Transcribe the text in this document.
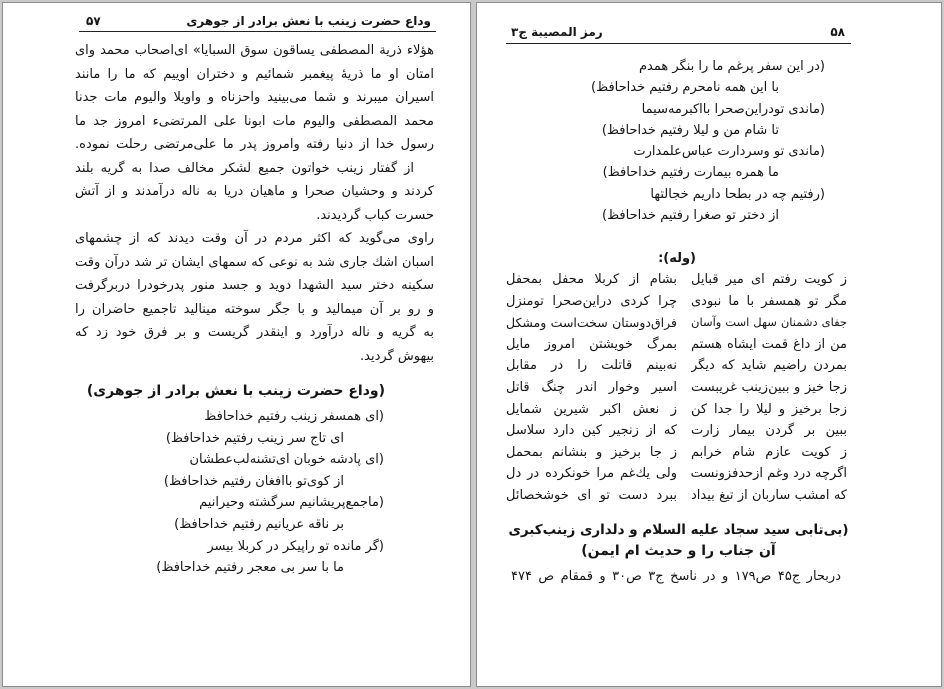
وداع حضرت زینب با نعش برادر از جوهری
۵۷
هؤلاء ذریة المصطفی یساقون سوق السبایا» ای‌اصحاب محمد وای
امتان او ما ذریهٔ پیغمبر شمائیم و دختران اوییم که ما را مانند
اسیران میبرند و شما می‌بینید واحزناه و واویلا والیوم مات جدنا
محمد المصطفی والیوم مات ابونا علی المرتضیء امروز جد ما
رسول خدا از دنیا رفته وامروز پدر ما علی‌مرتضی رحلت نموده.
از گفتار زینب خواتون جمیع لشکر مخالف صدا به گریه بلند
کردند و وحشیان صحرا و ماهیان دریا به ناله درآمدند و از آتش
حسرت کباب گردیدند.
راوی می‌گوید که اکثر مردم در آن وقت دیدند که از چشمهای
اسبان اشك جاری شد به نوعی که سمهای ایشان تر شد درآن وقت
سکینه دختر سید الشهدا دوید و جسد منور پدرخودرا دربرگرفت
و رو بر آن میمالید و با جگر سوخته مینالید تاجمیع حاضران را
به گریه و ناله درآورد و اینقدر گریست و بر فرق خود زد که
بیهوش گردید.
(وداع حضرت زینب با نعش برادر از جوهری)
(ای همسفر زینب رفتیم خداحافظ
ای تاج سر زینب رفتیم خداحافظ)
(ای پادشه خوبان ای‌تشنه‌لب‌عطشان
از کوی‌تو باافغان رفتیم خداحافظ)
(ماجمع‌پریشانیم سرگشته وحیرانیم
بر ناقه عریانیم رفتیم خداحافظ)
(گر مانده تو راپیکر در کربلا بیسر
ما با سر بی معجر رفتیم خداحافظ)
رمز المصیبة ج۳	۵۸
(در این سفر پرغم ما را بنگر همدم
با این همه نامحرم رفتیم خداحافظ)
(ماندی تودراین‌صحرا بااکبرمه‌سیما
تا شام من و لیلا رفتیم خداحافظ)
(ماندی تو وسردارت عباس‌علمدارت
ما همره بیمارت رفتیم خداحافظ)
(رفتیم چه در بطحا داریم خجالتها
از دختر تو صغرا رفتیم خداحافظ)
(وله):
ز کویت رفتم ای میر قبایل
مگر تو همسفر با ما نبودی
جفای دشمنان سهل است وآسان
من از داغ قمت ایشاه هستم
بمردن راضیم شاید که دیگر
زجا خیز و ببین‌زینب غریبست
زجا برخیز و لیلا را جدا کن
ببین بر گردن بیمار زارت
ز کویت عازم شام خرابم
اگرچه درد وغم ازحدفزونست
که امشب ساربان از تیغ بیداد
بشام از کربلا محفل بمحفل
چرا کردی دراین‌صحرا تومنزل
فراق‌دوستان سخت‌است ومشکل
بمرگ خویشتن امروز مایل
نه‌بینم قاتلت را در مقابل
اسیر وخوار اندر چنگ قاتل
ز نعش اکبر شیرین شمایل
که از زنجیر کین دارد سلاسل
ز جا برخیز و بنشانم بمحمل
ولی یك‌غم مرا خونکرده در دل
ببرد دست تو ای خوشخصائل
(بی‌تابی سید سجاد علیه السلام و دلداری زینب‌کبری
آن جناب را و حدیث ام ایمن)
دربحار ج۴۵ ص۱۷۹ و در ناسخ ج۳ ص۳۰ و قمقام ص ۴۷۴
